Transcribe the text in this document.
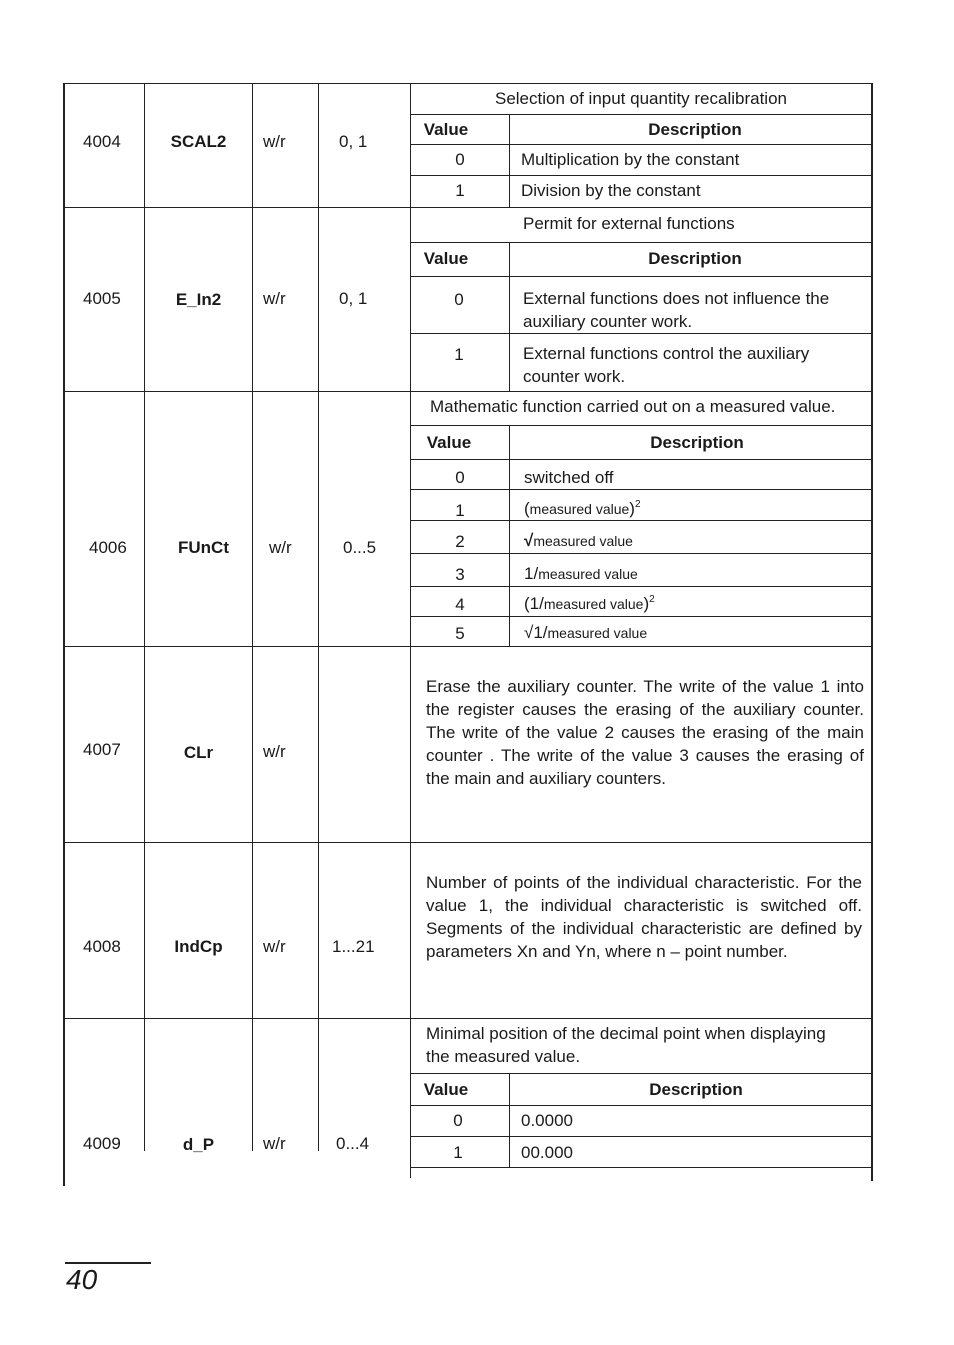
4004	SCAL2	w/r	0, 1
Selection of input quantity recalibration
Value	Description
0	Multiplication by the constant
1	Division by the constant
4005	E_In2	w/r	0, 1
Permit for external functions
Value	Description
0	External functions does not influence the auxiliary counter work.
1	External functions control the auxiliary counter work.
4006	FUnCt	w/r	0...5
Mathematic function carried out on a measured value.
Value	Description
0	switched off
1	(measured value)$^2$
2	√measured value
3	1/measured value
4	(1/measured value)$^2$
5	√1/measured value
4007	CLr	w/r
Erase the auxiliary counter. The write of the value 1 into the register causes the erasing of the auxiliary counter. The write of the value 2 causes the erasing of the main counter . The write of the value 3 causes the erasing of the main and auxiliary counters.
4008	IndCp	w/r	1...21
Number of points of the individual characteristic. For the value 1, the individual characteristic is switched off. Segments of the individual characteristic are defined by parameters Xn and Yn, where n – point number.
4009	d_P	w/r	0...4
Minimal position of the decimal point when displaying the measured value.
Value	Description
0	0.0000
1	00.000
40
